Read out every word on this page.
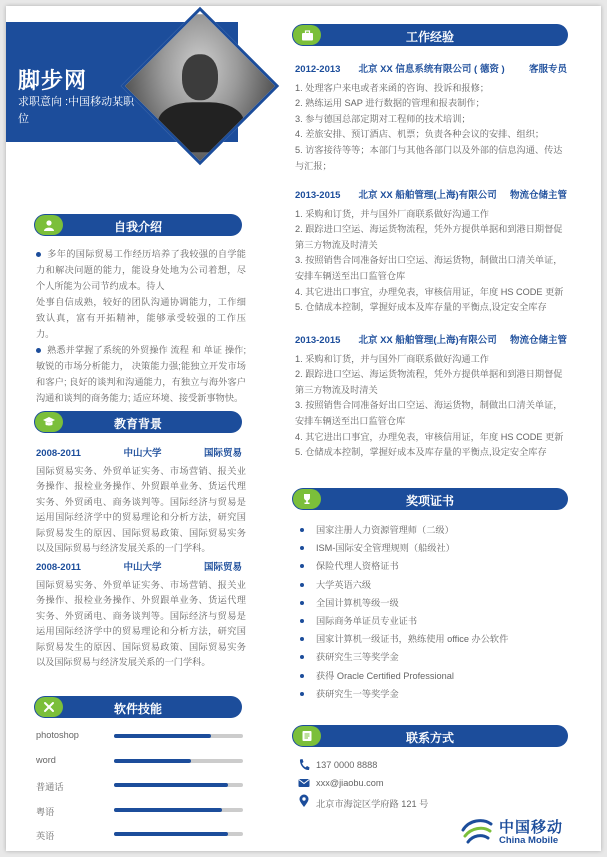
脚步网
求职意向 :中国移动某职位
自我介绍

多年的国际贸易工作经历培养了我较强的自学能力和解决问题的能力，能设身处地为公司着想，尽个人所能为公司节约成本。待人

处事自信成熟，较好的团队沟通协调能力，工作细致认真，富有开拓精神，能够承受较强的工作压力。

熟悉并掌握了系统的外贸操作 流程 和 单证 操作;敏锐的市场分析能力， 决策能力强;能独立开发市场和客户; 良好的谈判和沟通能力，有独立与海外客户沟通和谈判的商务能力; 适应环境、接受新事物快。

教育背景
2008-2011	中山大学	国际贸易
国际贸易实务、外贸单证实务、市场营销、报关业务操作、报检业务操作、外贸跟单业务、货运代理实务、外贸函电、商务谈判等。国际经济与贸易是运用国际经济学中的贸易理论和分析方法，研究国际贸易发生的原因、国际贸易政策、国际贸易实务以及国际贸易与经济发展关系的一门学科。
2008-2011	中山大学	国际贸易
国际贸易实务、外贸单证实务、市场营销、报关业务操作、报检业务操作、外贸跟单业务、货运代理实务、外贸函电、商务谈判等。国际经济与贸易是运用国际经济学中的贸易理论和分析方法，研究国际贸易发生的原因、国际贸易政策、国际贸易实务以及国际贸易与经济发展关系的一门学科。
软件技能
工作经验
奖项证书
国家注册人力资源管理师（二级）
ISM-国际安全管理规则（船级社）
保险代理人资格证书
大学英语六级
全国计算机等级一级
国际商务单证员专业证书
国家计算机一级证书，熟练使用 office 办公软件
获研究生三等奖学金
获得 Oracle Certified Professional
获研究生一等奖学金
联系方式
137 0000 8888
xxx@jiaobu.com
北京市海淀区学府路 121 号
中国移动
China Mobile
photoshop
word
普通话
粤语
英语
2012-2013	北京 XX 信息系统有限公司 ( 德资 )	客服专员
1. 处理客户来电或者来函的咨询、投诉和报修；
2. 熟练运用 SAP 进行数据的管理和报表制作；
3. 参与德国总部定期对工程师的技术培训；
4. 差旅安排、预订酒店、机票；负责各种会议的安排、组织；
5. 访客接待等等；本部门与其他各部门以及外部的信息沟通、传达与汇报；
2013-2015	北京 XX 船舶管理(上海)有限公司	物流仓储主管
1. 采购和订货，并与国外厂商联系做好沟通工作
2. 跟踪进口空运、海运货物流程，凭外方提供单据和到港日期督促第三方物流及时清关
3. 按照销售合同准备好出口空运、海运货物，制做出口清关单证，安排车辆送至出口监管仓库
4. 其它进出口事宜，办理免表，审核信用证，年度 HS CODE 更新
5. 仓储成本控制，掌握好成本及库存量的平衡点,设定安全库存
2013-2015	北京 XX 船舶管理(上海)有限公司	物流仓储主管
1. 采购和订货，并与国外厂商联系做好沟通工作
2. 跟踪进口空运、海运货物流程，凭外方提供单据和到港日期督促第三方物流及时清关
3. 按照销售合同准备好出口空运、海运货物，制做出口清关单证，安排车辆送至出口监管仓库
4. 其它进出口事宜，办理免表，审核信用证，年度 HS CODE 更新
5. 仓储成本控制，掌握好成本及库存量的平衡点,设定安全库存
